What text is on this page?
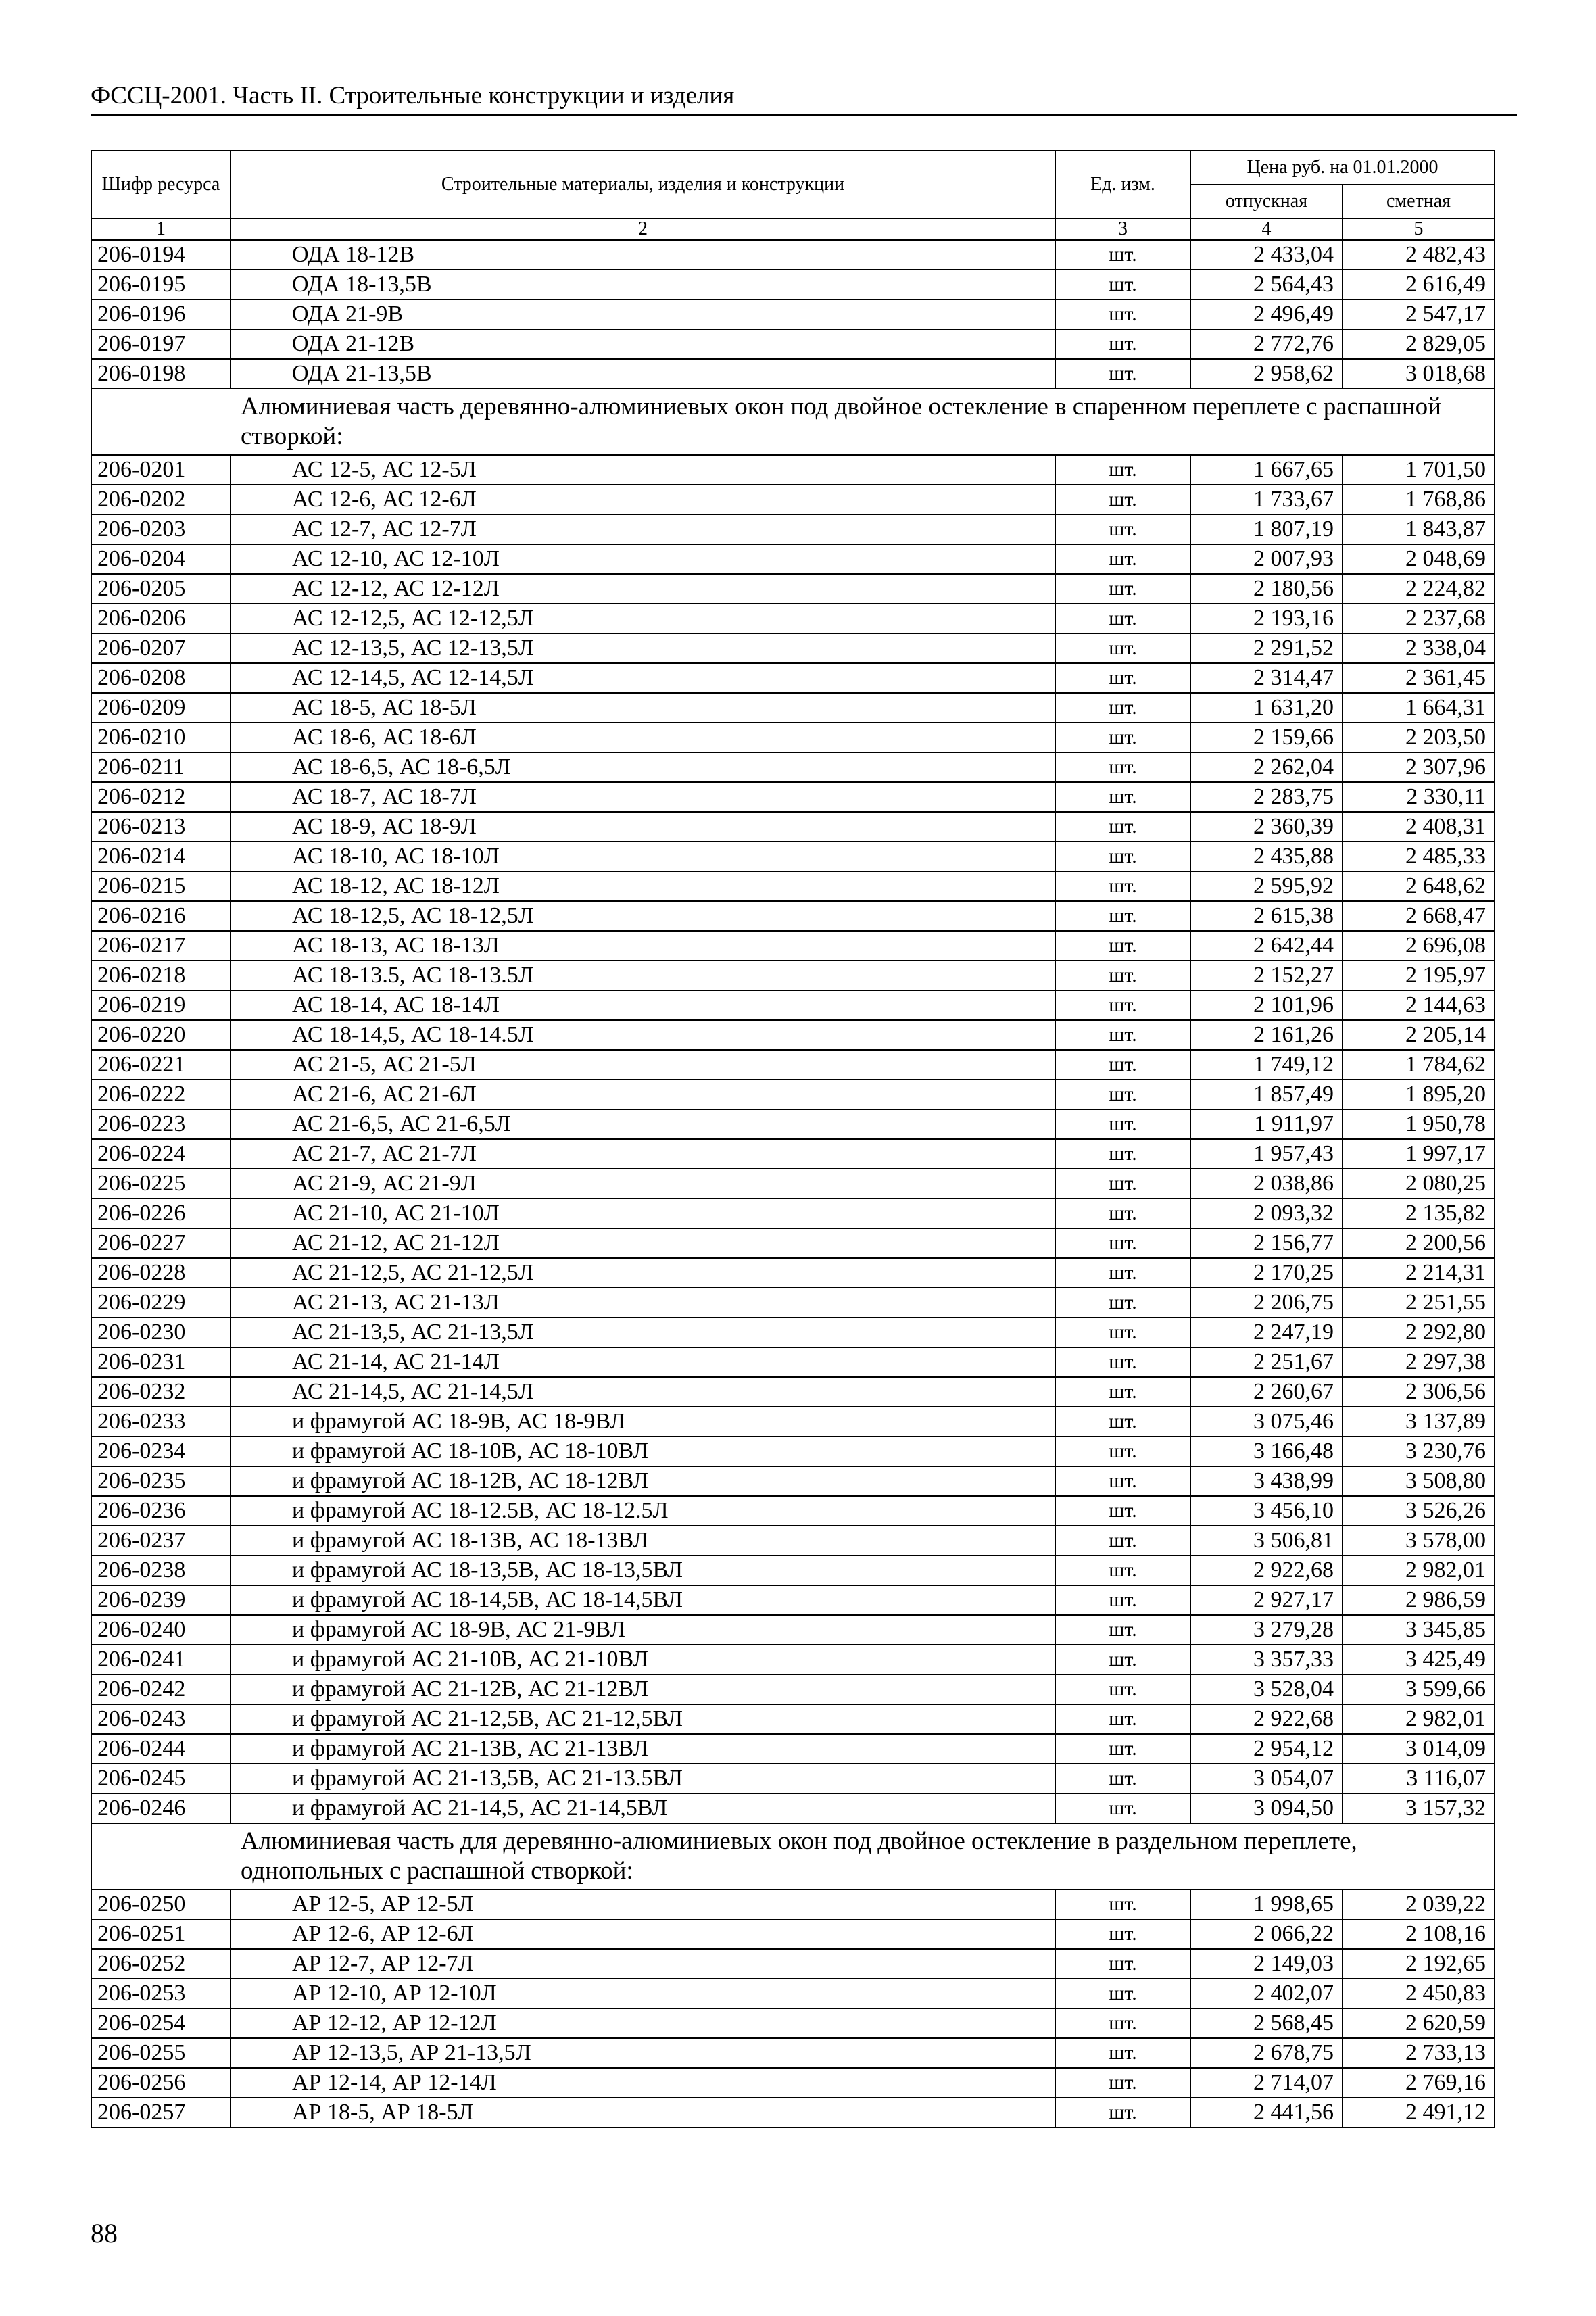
ФССЦ-2001. Часть II. Строительные конструкции и изделия
Шифр ресурса	Строительные материалы, изделия и конструкции	Ед. изм.	Цена руб. на 01.01.2000	
			отпускная	сметная
1	2	3	4	5
206-0194	ОДА 18-12В	шт.	2 433,04	2 482,43
206-0195	ОДА 18-13,5В	шт.	2 564,43	2 616,49
206-0196	ОДА 21-9В	шт.	2 496,49	2 547,17
206-0197	ОДА 21-12В	шт.	2 772,76	2 829,05
206-0198	ОДА 21-13,5В	шт.	2 958,62	3 018,68
Алюминиевая часть деревянно-алюминиевых окон под двойное остекление в спаренном переплете с распашной створкой:				
206-0201	АС 12-5, АС 12-5Л	шт.	1 667,65	1 701,50
206-0202	АС 12-6, АС 12-6Л	шт.	1 733,67	1 768,86
206-0203	АС 12-7, АС 12-7Л	шт.	1 807,19	1 843,87
206-0204	АС 12-10, АС 12-10Л	шт.	2 007,93	2 048,69
206-0205	АС 12-12, АС 12-12Л	шт.	2 180,56	2 224,82
206-0206	АС 12-12,5, АС 12-12,5Л	шт.	2 193,16	2 237,68
206-0207	АС 12-13,5, АС 12-13,5Л	шт.	2 291,52	2 338,04
206-0208	АС 12-14,5, АС 12-14,5Л	шт.	2 314,47	2 361,45
206-0209	АС 18-5, АС 18-5Л	шт.	1 631,20	1 664,31
206-0210	АС 18-6, АС 18-6Л	шт.	2 159,66	2 203,50
206-0211	АС 18-6,5, АС 18-6,5Л	шт.	2 262,04	2 307,96
206-0212	АС 18-7, АС 18-7Л	шт.	2 283,75	2 330,11
206-0213	АС 18-9, АС 18-9Л	шт.	2 360,39	2 408,31
206-0214	АС 18-10, АС 18-10Л	шт.	2 435,88	2 485,33
206-0215	АС 18-12, АС 18-12Л	шт.	2 595,92	2 648,62
206-0216	АС 18-12,5, АС 18-12,5Л	шт.	2 615,38	2 668,47
206-0217	АС 18-13, АС 18-13Л	шт.	2 642,44	2 696,08
206-0218	АС 18-13.5, АС 18-13.5Л	шт.	2 152,27	2 195,97
206-0219	АС 18-14, АС 18-14Л	шт.	2 101,96	2 144,63
206-0220	АС 18-14,5, АС 18-14.5Л	шт.	2 161,26	2 205,14
206-0221	АС 21-5, АС 21-5Л	шт.	1 749,12	1 784,62
206-0222	АС 21-6, АС 21-6Л	шт.	1 857,49	1 895,20
206-0223	АС 21-6,5, АС 21-6,5Л	шт.	1 911,97	1 950,78
206-0224	АС 21-7, АС 21-7Л	шт.	1 957,43	1 997,17
206-0225	АС 21-9, АС 21-9Л	шт.	2 038,86	2 080,25
206-0226	АС 21-10, АС 21-10Л	шт.	2 093,32	2 135,82
206-0227	АС 21-12, АС 21-12Л	шт.	2 156,77	2 200,56
206-0228	АС 21-12,5, АС 21-12,5Л	шт.	2 170,25	2 214,31
206-0229	АС 21-13, АС 21-13Л	шт.	2 206,75	2 251,55
206-0230	АС 21-13,5, АС 21-13,5Л	шт.	2 247,19	2 292,80
206-0231	АС 21-14, АС 21-14Л	шт.	2 251,67	2 297,38
206-0232	АС 21-14,5, АС 21-14,5Л	шт.	2 260,67	2 306,56
206-0233	и фрамугой АС 18-9В, АС 18-9ВЛ	шт.	3 075,46	3 137,89
206-0234	и фрамугой АС 18-10В, АС 18-10ВЛ	шт.	3 166,48	3 230,76
206-0235	и фрамугой АС 18-12В, АС 18-12ВЛ	шт.	3 438,99	3 508,80
206-0236	и фрамугой АС 18-12.5В, АС 18-12.5Л	шт.	3 456,10	3 526,26
206-0237	и фрамугой АС 18-13В, АС 18-13ВЛ	шт.	3 506,81	3 578,00
206-0238	и фрамугой АС 18-13,5В, АС 18-13,5ВЛ	шт.	2 922,68	2 982,01
206-0239	и фрамугой АС 18-14,5В, АС 18-14,5ВЛ	шт.	2 927,17	2 986,59
206-0240	и фрамугой АС 18-9В, АС 21-9ВЛ	шт.	3 279,28	3 345,85
206-0241	и фрамугой АС 21-10В, АС 21-10ВЛ	шт.	3 357,33	3 425,49
206-0242	и фрамугой АС 21-12В, АС 21-12ВЛ	шт.	3 528,04	3 599,66
206-0243	и фрамугой АС 21-12,5В, АС 21-12,5ВЛ	шт.	2 922,68	2 982,01
206-0244	и фрамугой АС 21-13В, АС 21-13ВЛ	шт.	2 954,12	3 014,09
206-0245	и фрамугой АС 21-13,5В, АС 21-13.5ВЛ	шт.	3 054,07	3 116,07
206-0246	и фрамугой АС 21-14,5, АС 21-14,5ВЛ	шт.	3 094,50	3 157,32
Алюминиевая часть для деревянно-алюминиевых окон под двойное остекление в раздельном переплете, однопольных с распашной створкой:				
206-0250	АР 12-5, АР 12-5Л	шт.	1 998,65	2 039,22
206-0251	АР 12-6, АР 12-6Л	шт.	2 066,22	2 108,16
206-0252	АР 12-7, АР 12-7Л	шт.	2 149,03	2 192,65
206-0253	АР 12-10, АР 12-10Л	шт.	2 402,07	2 450,83
206-0254	АР 12-12, АР 12-12Л	шт.	2 568,45	2 620,59
206-0255	АР 12-13,5, АР 21-13,5Л	шт.	2 678,75	2 733,13
206-0256	АР 12-14, АР 12-14Л	шт.	2 714,07	2 769,16
206-0257	АР 18-5, АР 18-5Л	шт.	2 441,56	2 491,12
88
